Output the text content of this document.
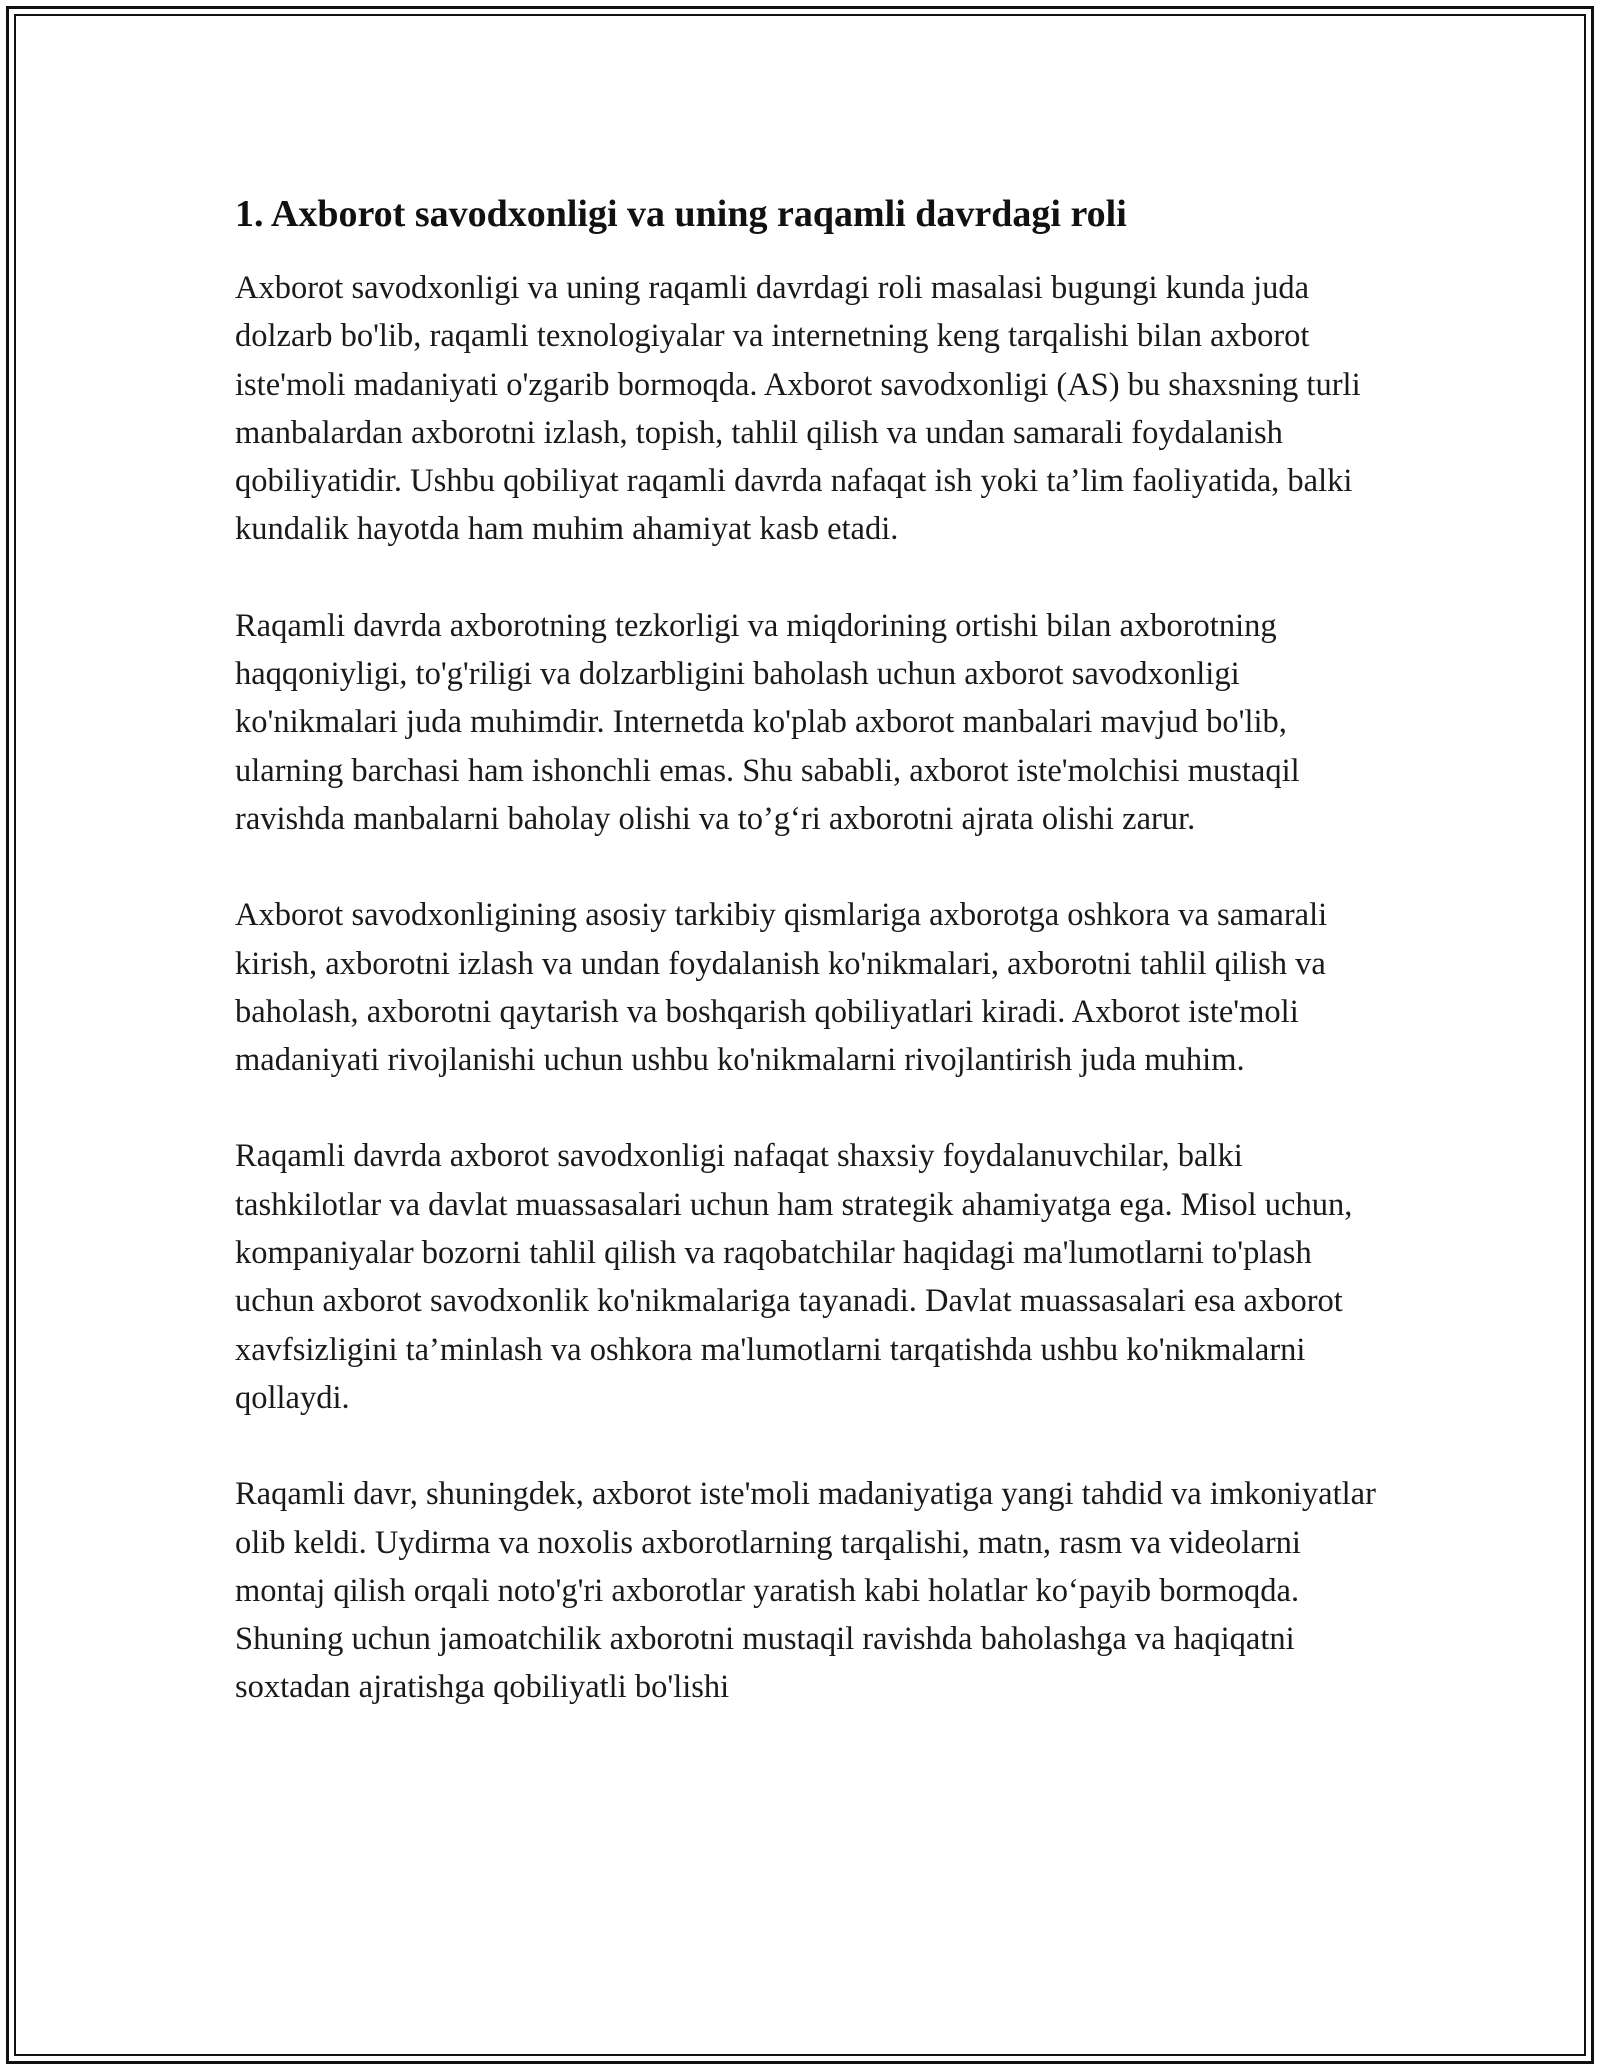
1. Axborot savodxonligi va uning raqamli davrdagi roli

Axborot savodxonligi va uning raqamli davrdagi roli masalasi bugungi kunda juda dolzarb bo'lib, raqamli texnologiyalar va internetning keng tarqalishi bilan axborot iste'moli madaniyati o'zgarib bormoqda. Axborot savodxonligi (AS) bu shaxsning turli manbalardan axborotni izlash, topish, tahlil qilish va undan samarali foydalanish qobiliyatidir. Ushbu qobiliyat raqamli davrda nafaqat ish yoki ta’lim faoliyatida, balki kundalik hayotda ham muhim ahamiyat kasb etadi.

Raqamli davrda axborotning tezkorligi va miqdorining ortishi bilan axborotning haqqoniyligi, to'g'riligi va dolzarbligini baholash uchun axborot savodxonligi ko'nikmalari juda muhimdir. Internetda ko'plab axborot manbalari mavjud bo'lib, ularning barchasi ham ishonchli emas. Shu sababli, axborot iste'molchisi mustaqil ravishda manbalarni baholay olishi va to’g‘ri axborotni ajrata olishi zarur.

Axborot savodxonligining asosiy tarkibiy qismlariga axborotga oshkora va samarali kirish, axborotni izlash va undan foydalanish ko'nikmalari, axborotni tahlil qilish va baholash, axborotni qaytarish va boshqarish qobiliyatlari kiradi. Axborot iste'moli madaniyati rivojlanishi uchun ushbu ko'nikmalarni rivojlantirish juda muhim.

Raqamli davrda axborot savodxonligi nafaqat shaxsiy foydalanuvchilar, balki tashkilotlar va davlat muassasalari uchun ham strategik ahamiyatga ega. Misol uchun, kompaniyalar bozorni tahlil qilish va raqobatchilar haqidagi ma'lumotlarni to'plash uchun axborot savodxonlik ko'nikmalariga tayanadi. Davlat muassasalari esa axborot xavfsizligini ta’minlash va oshkora ma'lumotlarni tarqatishda ushbu ko'nikmalarni qollaydi.

Raqamli davr, shuningdek, axborot iste'moli madaniyatiga yangi tahdid va imkoniyatlar olib keldi. Uydirma va noxolis axborotlarning tarqalishi, matn, rasm va videolarni montaj qilish orqali noto'g'ri axborotlar yaratish kabi holatlar ko‘payib bormoqda. Shuning uchun jamoatchilik axborotni mustaqil ravishda baholashga va haqiqatni soxtadan ajratishga qobiliyatli bo'lishi
